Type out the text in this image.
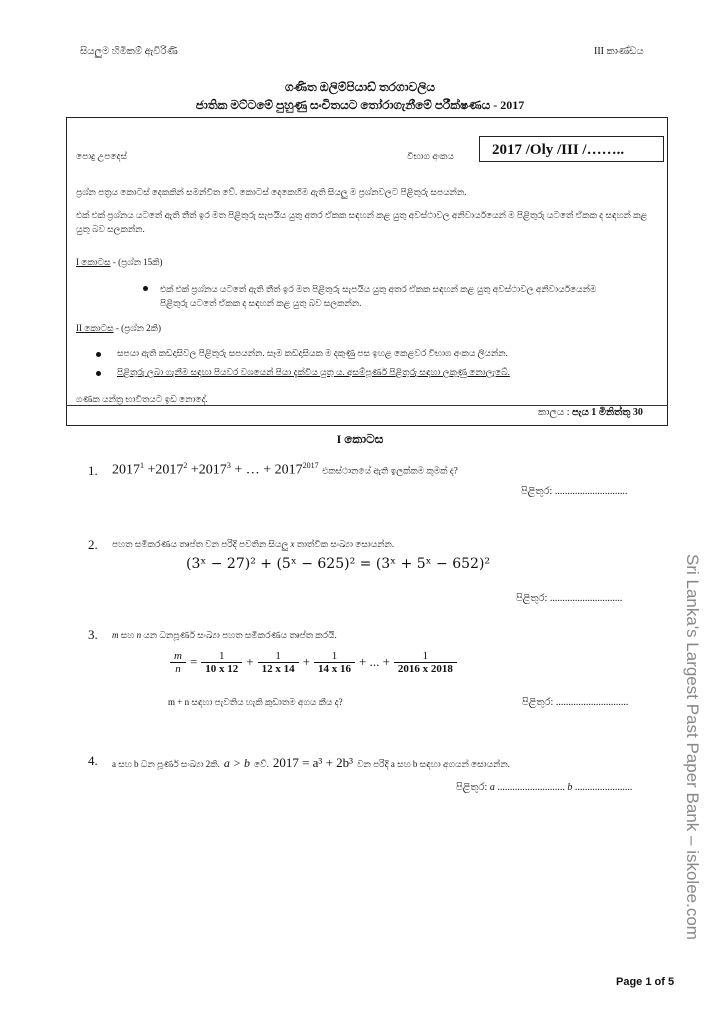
සියලුම හිමිකම් ඇවිරිණි	III කාණ්ඩය
ගණිත ඔලිම්පියාඩ් තරගාවලිය
ජාතික මට්ටමේ පුහුණු සංචිතයට තෝරාගැනීමේ පරීක්ෂණය - 2017
පොදු උපදෙස්	විභාග අංකය	2017 /Oly /III /……..
ප්‍රශ්න පත්‍රය කොටස් දෙකකින් සමන්විත වේ. කොටස් දෙකෙහිම ඇති සියලු ම ප්‍රශ්නවලට පිළිතුරු සපයන්න.
එක් එක් ප්‍රශ්නය යටතේ ඇති තීත් ඉර මත පිළිතුරු සැපයිය යුතු අතර ඒකක සඳහන් කළ යුතු අවස්ථාවල අනිවාර්යයෙන් ම පිළිතුරු යටතේ ඒකක ද සඳහන් කළ යුතු බව සලකන්න.
I කොටස - (ප්‍රශ්න 15කි)
එක් එක් ප්‍රශ්නය යටතේ ඇති තීත් ඉර මත පිළිතුරු සැපයිය යුතු අතර ඒකක සඳහන් කළ යුතු අවස්ථාවල අනිවාර්යයෙන්ම පිළිතුරු යටතේ ඒකක ද සඳහන් කළ යුතු බව සලකන්න.
II කොටස - (ප්‍රශ්න 2කි)
සපයා ඇති කඩදාසිවල පිළිතුරු සපයන්න. සෑම කඩදාසියක ම දකුණු පස ඉහළ කෙළවර විභාග අංකය ලියන්න.
පිළිතුරු ලබා ගැනීම සඳහා පියවර වශයෙන් පියා දැක්විය යුතු ය. අසම්පූර්ණ පිළිතුරු සඳහා ලකුණු නොලැබේ.
ගණක යන්ත්‍ර භාවිතයට ඉඩ නොදේ.
කාලය : පැය 1 මිනිත්තු 30
I කොටස
1. $2017^1 +2017^2 +2017^3$ + … + $2017^{2017}$ එකස්ථානයේ ඇති ඉලක්කම කුමක් ද?
පිළිතුර: .............................
2. පහත සමීකරණය තෘප්ත වන පරිදි පවතින සියලු x තාත්වික සංඛ්‍යා සොයන්න.
(3ˣ − 27)² + (5ˣ − 625)² = (3ˣ + 5ˣ − 652)²
පිළිතුර: .............................
3. m සහ n යන ධනපූර්ණ සංඛ්‍යා පහත සමීකරණය තෘප්ත කරයි.
$\frac{m}{n} = \frac{1}{10 x 12} + \frac{1}{12 x 14} + \frac{1}{14 x 16}$ + ... + $\frac{1}{2016 x 2018}$
m + n සඳහා පැවතිය හැකි කුඩාතම අගය කීය ද?	පිළිතුර: .............................
4. a සහ b ධන පූර්ණ සංඛ්‍යා 2කි. a > b වේ. 2017 = a³ + 2b³ වන පරිදි a සහ b සඳහා අගයන් සොයන්න.
පිළිතුර: a ........................... b .......................
Page 1 of 5
Sri Lanka's Largest Past Paper Bank – iskolee.com
